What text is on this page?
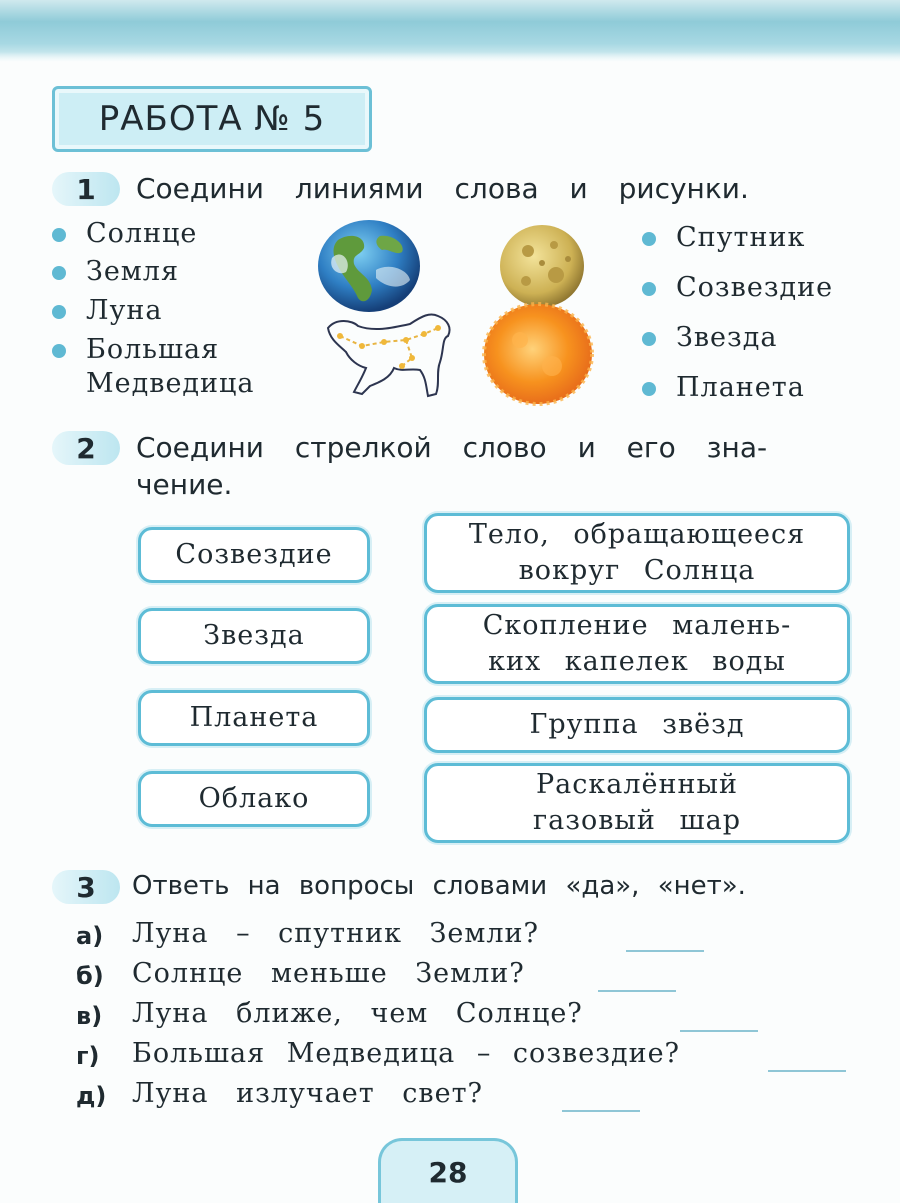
РАБОТА № 5
1	Соедини линиями слова и рисунки.
Солнце
Земля
Луна
Большая
Медведица
Спутник
Созвездие
Звезда
Планета
2	Соедини стрелкой слово и его зна-
чение.
Созвездие
Звезда
Планета
Облако
Тело, обращающееся
вокруг Солнца
Скопление малень-
ких капелек воды
Группа звёзд
Раскалённый
газовый шар
3	Ответь на вопросы словами «да», «нет».
а) Луна – спутник Земли?
б) Солнце меньше Земли?
в) Луна ближе, чем Солнце?
г) Большая Медведица – созвездие?
д) Луна излучает свет?
28
